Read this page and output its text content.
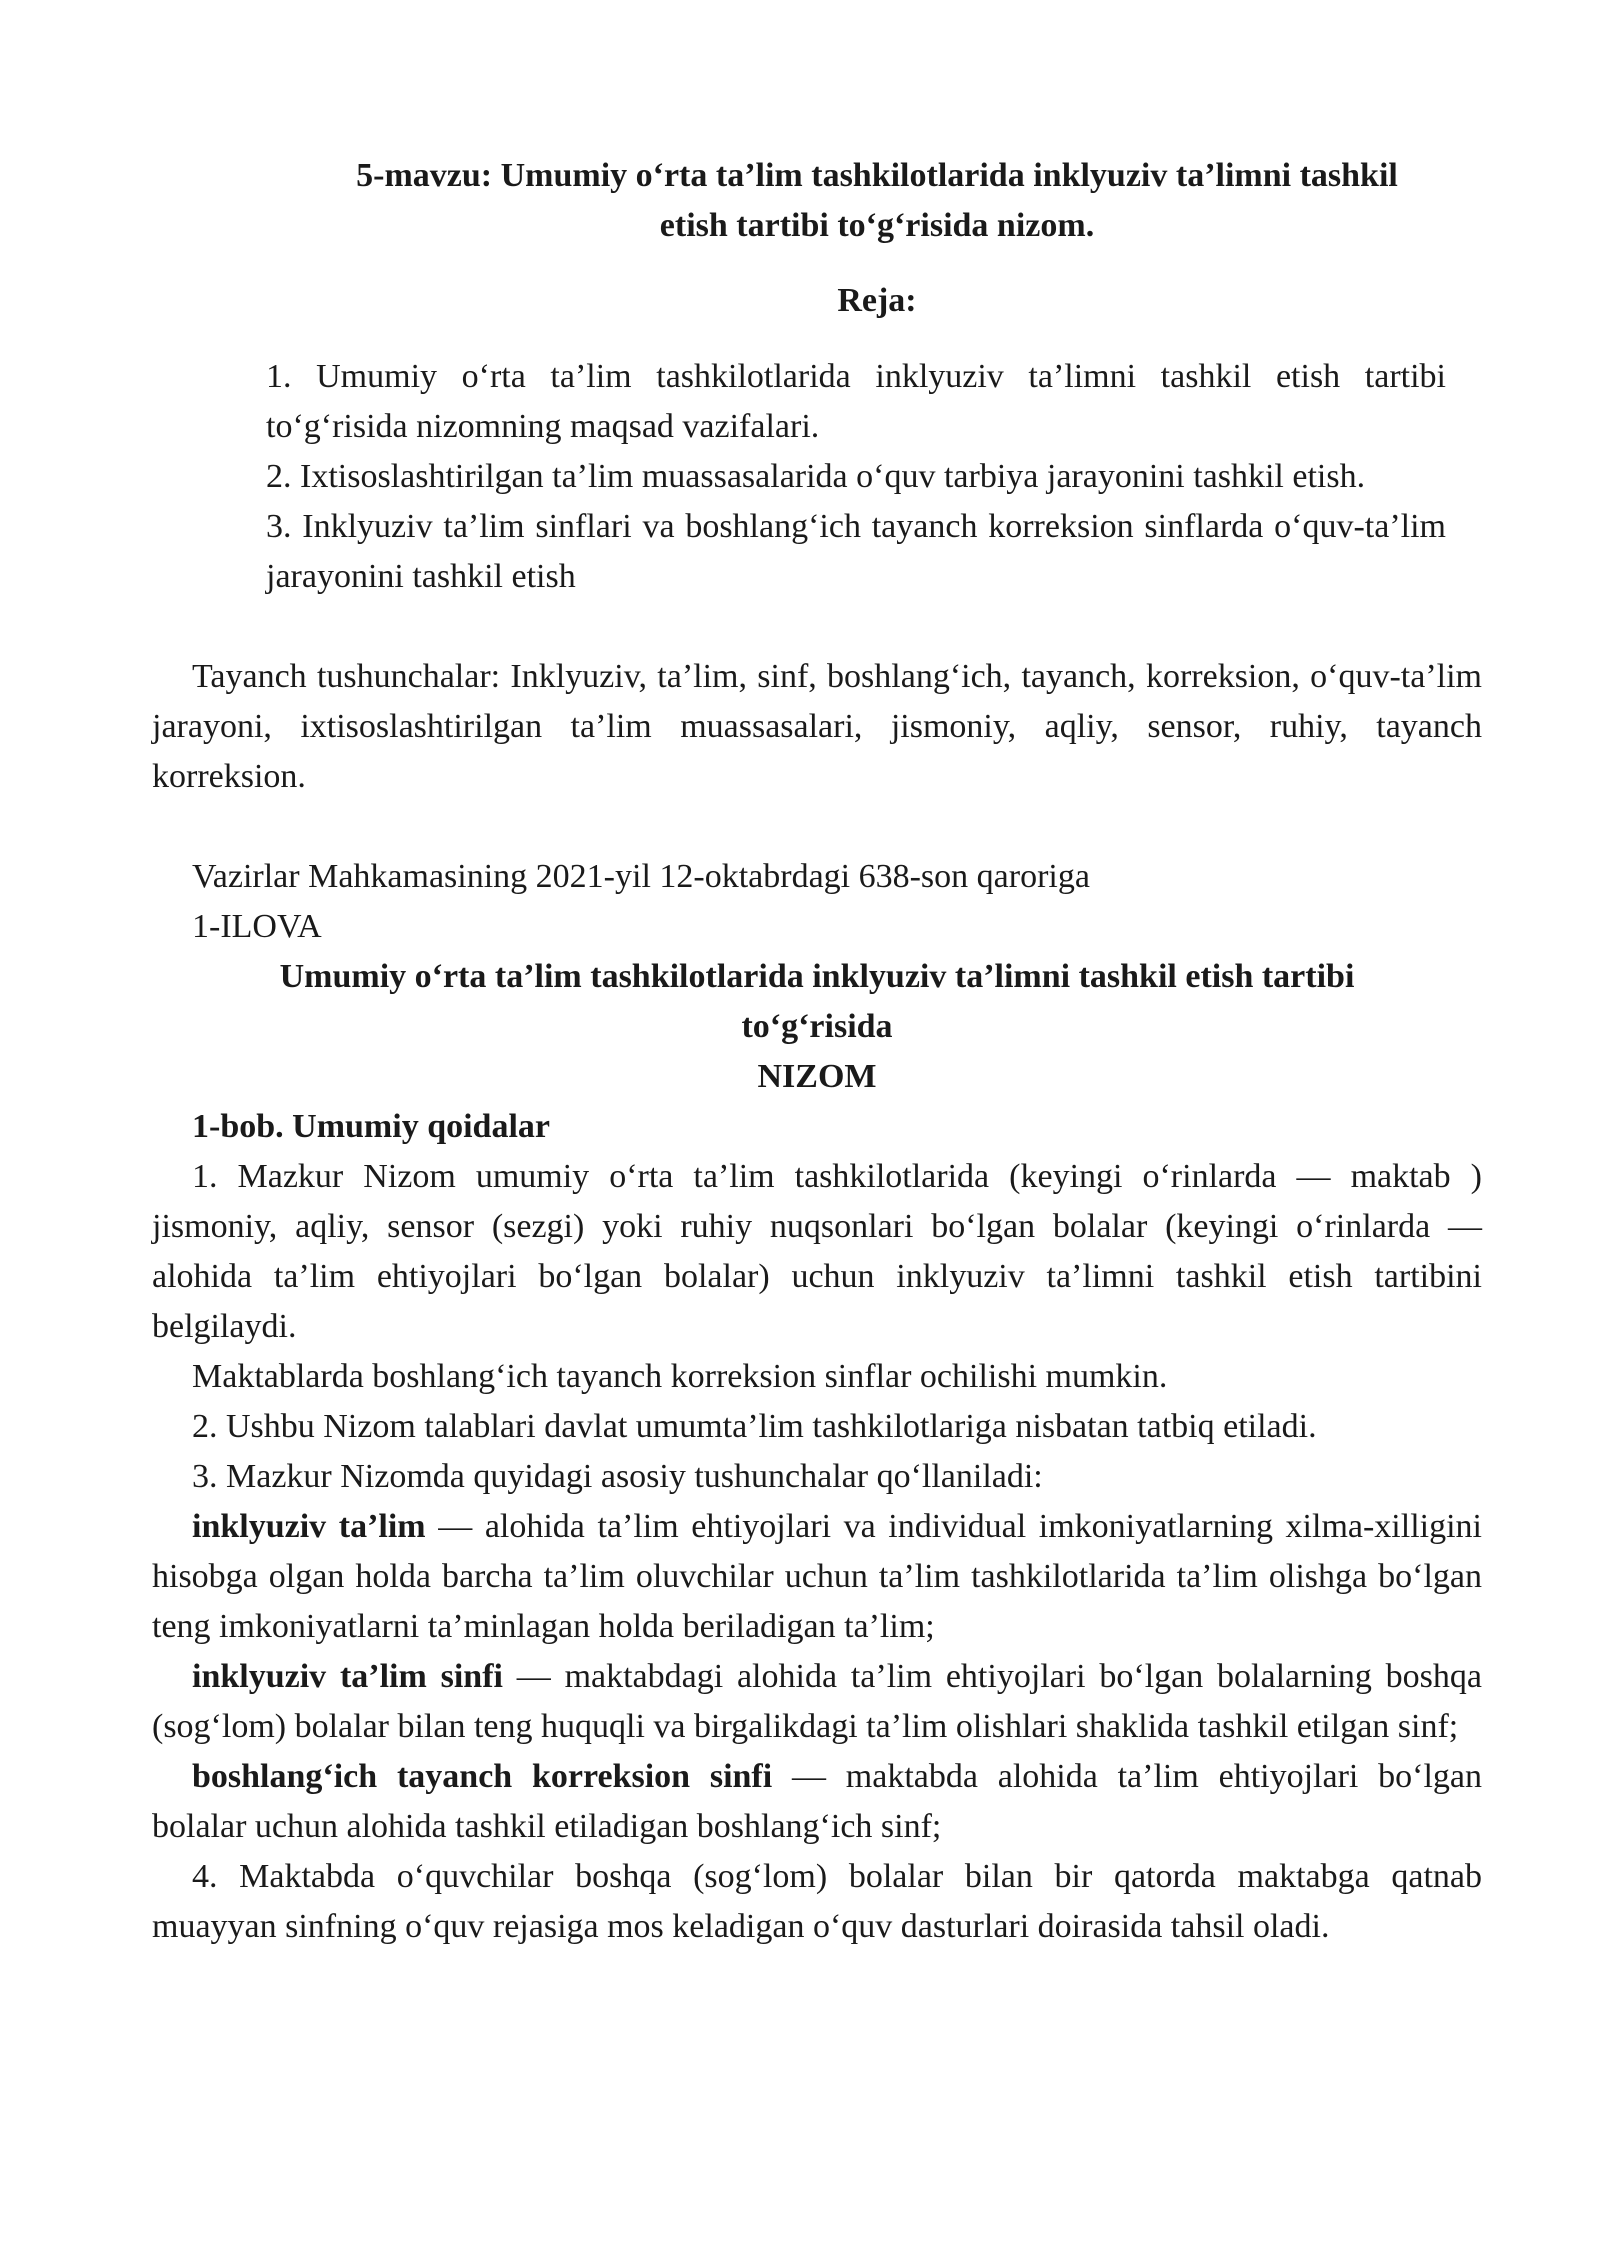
5-mavzu: Umumiy o‘rta ta’lim tashkilotlarida inklyuziv ta’limni tashkil
etish tartibi to‘g‘risida nizom.
Reja:

1. Umumiy o‘rta ta’lim tashkilotlarida inklyuziv ta’limni tashkil etish tartibi to‘g‘risida nizomning maqsad vazifalari.

2. Ixtisoslashtirilgan ta’lim muassasalarida o‘quv tarbiya jarayonini tashkil etish.

3. Inklyuziv ta’lim sinflari va boshlang‘ich tayanch korreksion sinflarda o‘quv-ta’lim jarayonini tashkil etish

Tayanch tushunchalar: Inklyuziv, ta’lim, sinf, boshlang‘ich, tayanch, korreksion, o‘quv-ta’lim jarayoni, ixtisoslashtirilgan ta’lim muassasalari, jismoniy, aqliy, sensor, ruhiy, tayanch korreksion.

Vazirlar Mahkamasining 2021-yil 12-oktabrdagi 638-son qaroriga

1-ILOVA

Umumiy o‘rta ta’lim tashkilotlarida inklyuziv ta’limni tashkil etish tartibi

to‘g‘risida

NIZOM

1-bob. Umumiy qoidalar

1. Mazkur Nizom umumiy o‘rta ta’lim tashkilotlarida (keyingi o‘rinlarda — maktab ) jismoniy, aqliy, sensor (sezgi) yoki ruhiy nuqsonlari bo‘lgan bolalar (keyingi o‘rinlarda — alohida ta’lim ehtiyojlari bo‘lgan bolalar) uchun inklyuziv ta’limni tashkil etish tartibini belgilaydi.

Maktablarda boshlang‘ich tayanch korreksion sinflar ochilishi mumkin.

2. Ushbu Nizom talablari davlat umumta’lim tashkilotlariga nisbatan tatbiq etiladi.

3. Mazkur Nizomda quyidagi asosiy tushunchalar qo‘llaniladi:

inklyuziv ta’lim — alohida ta’lim ehtiyojlari va individual imkoniyatlarning xilma-xilligini hisobga olgan holda barcha ta’lim oluvchilar uchun ta’lim tashkilotlarida ta’lim olishga bo‘lgan teng imkoniyatlarni ta’minlagan holda beriladigan ta’lim;

inklyuziv ta’lim sinfi — maktabdagi alohida ta’lim ehtiyojlari bo‘lgan bolalarning boshqa (sog‘lom) bolalar bilan teng huquqli va birgalikdagi ta’lim olishlari shaklida tashkil etilgan sinf;

boshlang‘ich tayanch korreksion sinfi — maktabda alohida ta’lim ehtiyojlari bo‘lgan bolalar uchun alohida tashkil etiladigan boshlang‘ich sinf;

4. Maktabda o‘quvchilar boshqa (sog‘lom) bolalar bilan bir qatorda maktabga qatnab muayyan sinfning o‘quv rejasiga mos keladigan o‘quv dasturlari doirasida tahsil oladi.
